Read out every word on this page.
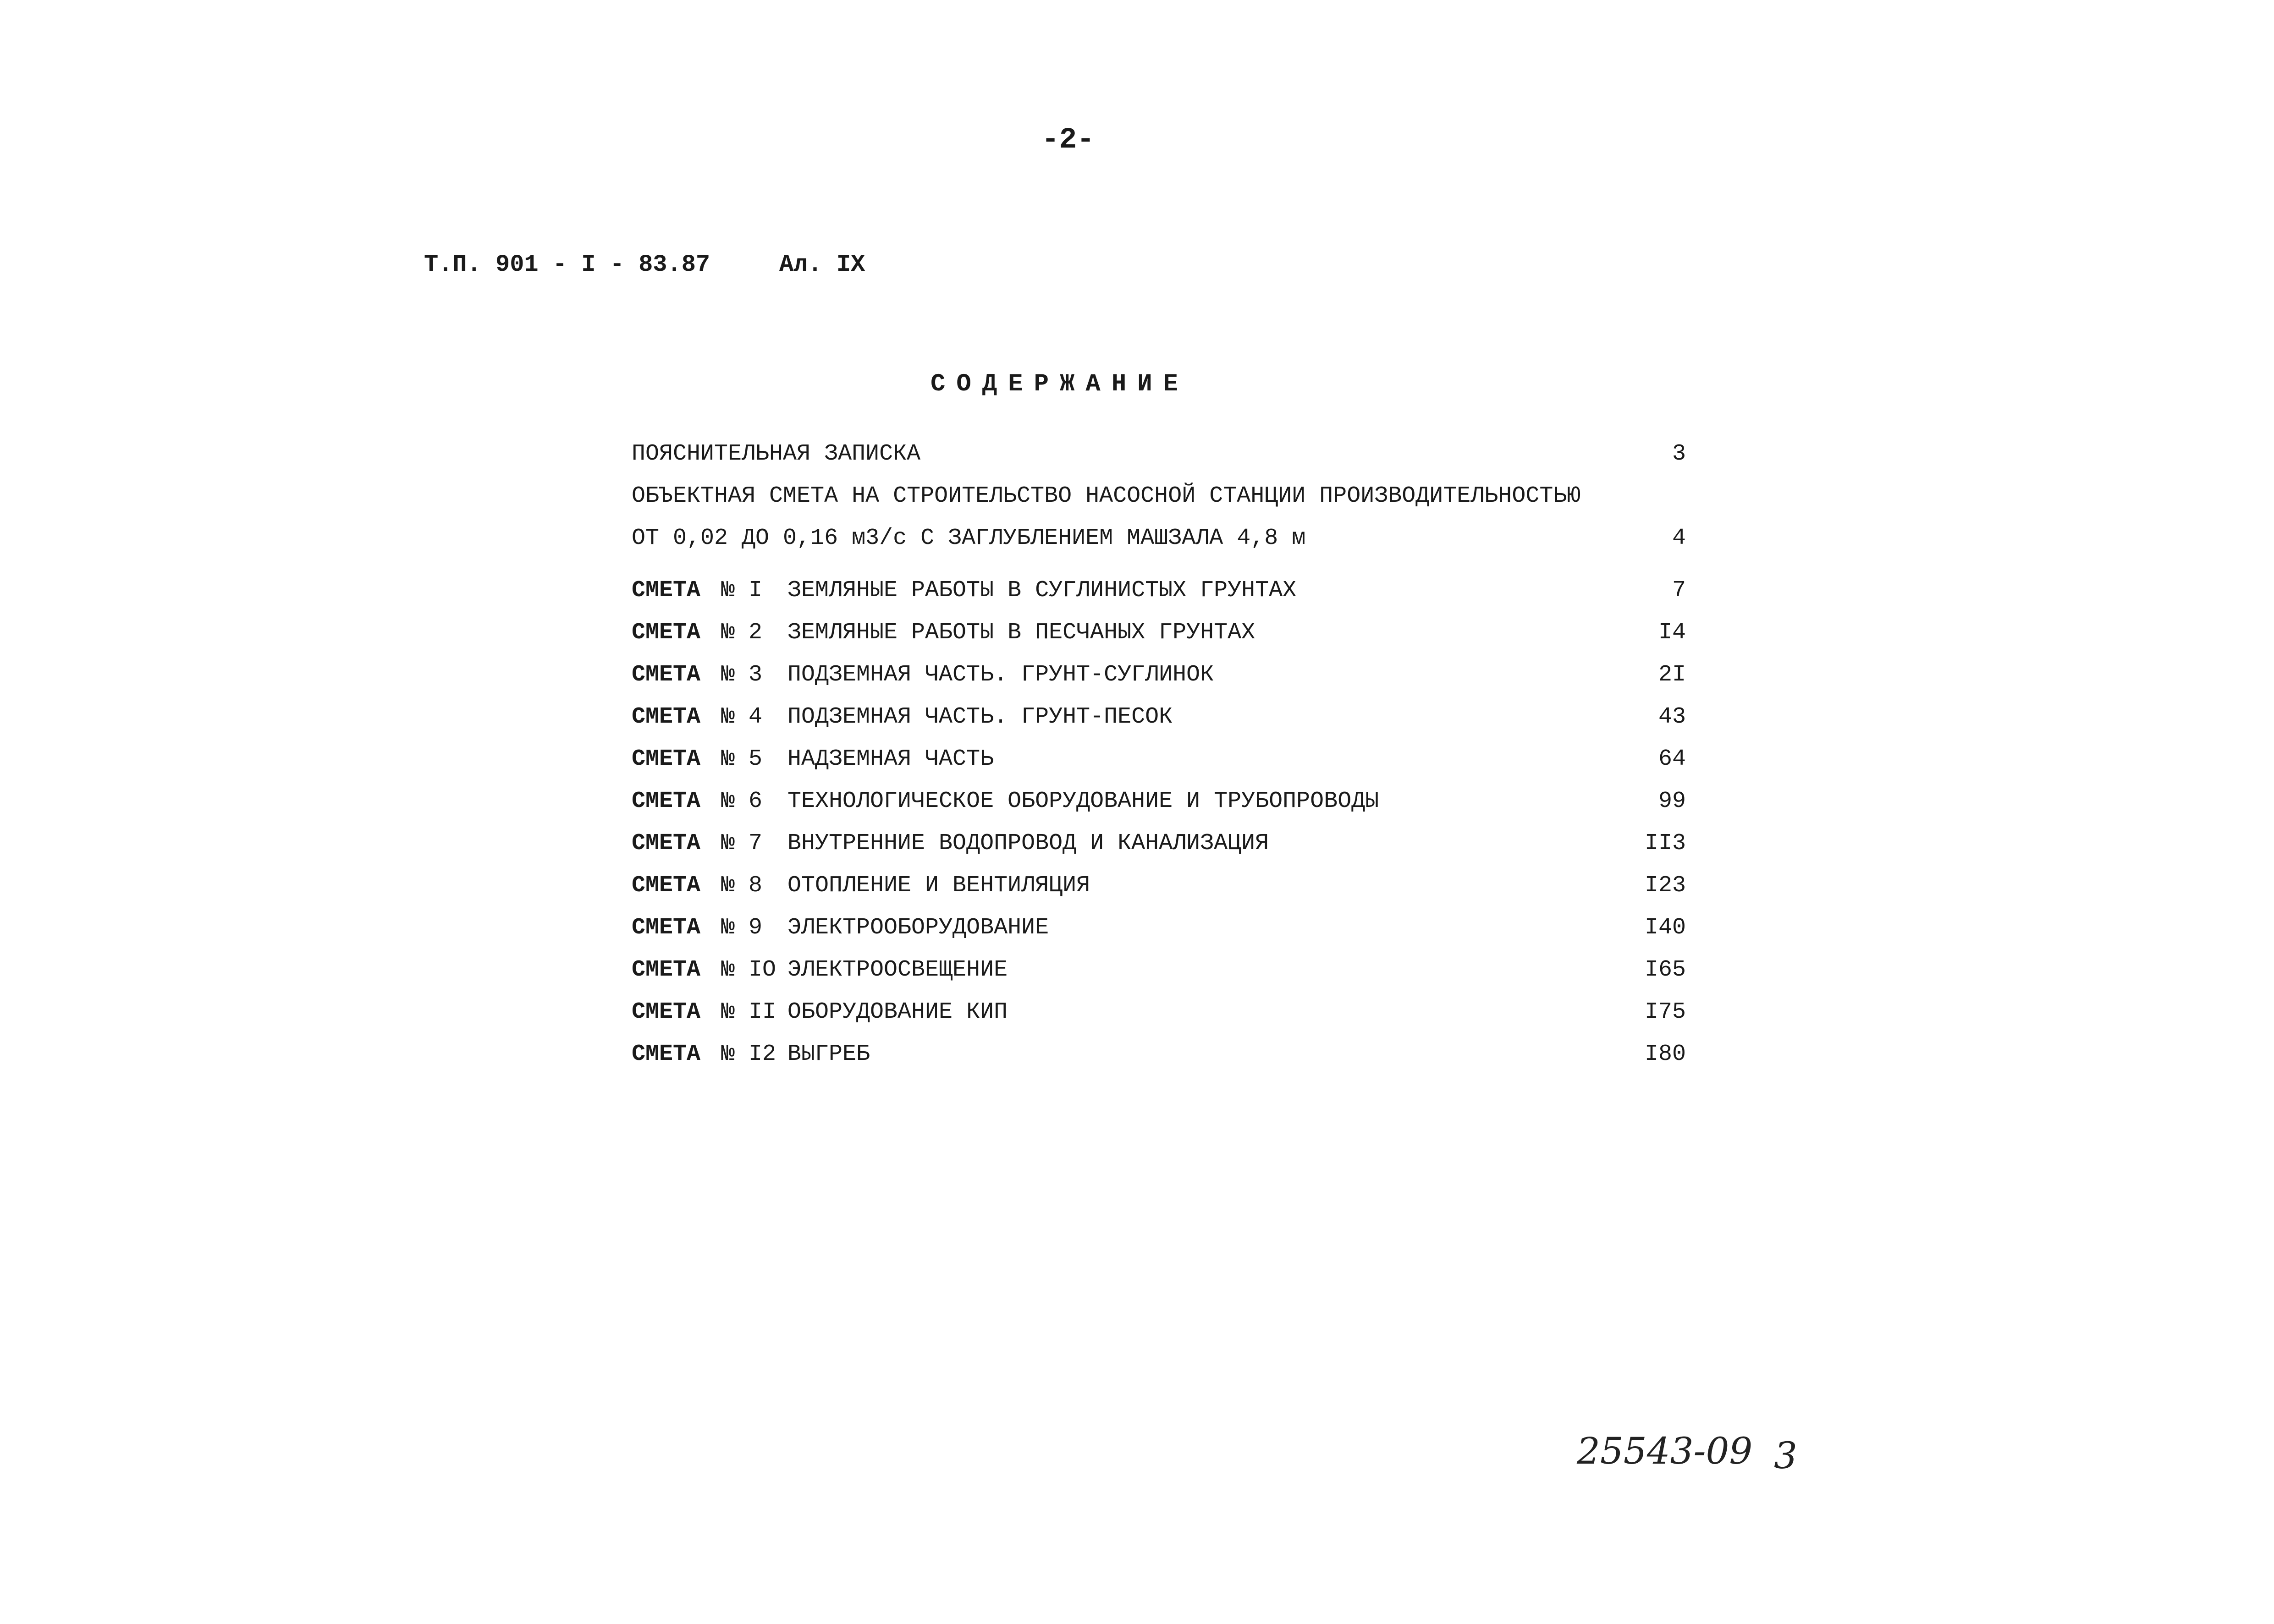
-2-
Т.П. 901 - I - 83.87	Ал. IX
СОДЕРЖАНИЕ
ПОЯСНИТЕЛЬНАЯ ЗАПИСКА	3
ОБЪЕКТНАЯ СМЕТА НА СТРОИТЕЛЬСТВО НАСОСНОЙ СТАНЦИИ ПРОИЗВОДИТЕЛЬНОСТЬЮ
ОТ 0,02 ДО 0,16 м3/с С ЗАГЛУБЛЕНИЕМ МАШЗАЛА 4,8 м	4
СМЕТА № I ЗЕМЛЯНЫЕ РАБОТЫ В СУГЛИНИСТЫХ ГРУНТАХ	7
СМЕТА № 2 ЗЕМЛЯНЫЕ РАБОТЫ В ПЕСЧАНЫХ ГРУНТАХ	I4
СМЕТА № 3 ПОДЗЕМНАЯ ЧАСТЬ. ГРУНТ-СУГЛИНОК	2I
СМЕТА № 4 ПОДЗЕМНАЯ ЧАСТЬ. ГРУНТ-ПЕСОК	43
СМЕТА № 5 НАДЗЕМНАЯ ЧАСТЬ	64
СМЕТА № 6 ТЕХНОЛОГИЧЕСКОЕ ОБОРУДОВАНИЕ И ТРУБОПРОВОДЫ	99
СМЕТА № 7 ВНУТРЕННИЕ ВОДОПРОВОД И КАНАЛИЗАЦИЯ	II3
СМЕТА № 8 ОТОПЛЕНИЕ И ВЕНТИЛЯЦИЯ	I23
СМЕТА № 9 ЭЛЕКТРООБОРУДОВАНИЕ	I40
СМЕТА № IO ЭЛЕКТРООСВЕЩЕНИЕ	I65
СМЕТА № II ОБОРУДОВАНИЕ КИП	I75
СМЕТА № I2 ВЫГРЕБ	I80
25543-09 3
